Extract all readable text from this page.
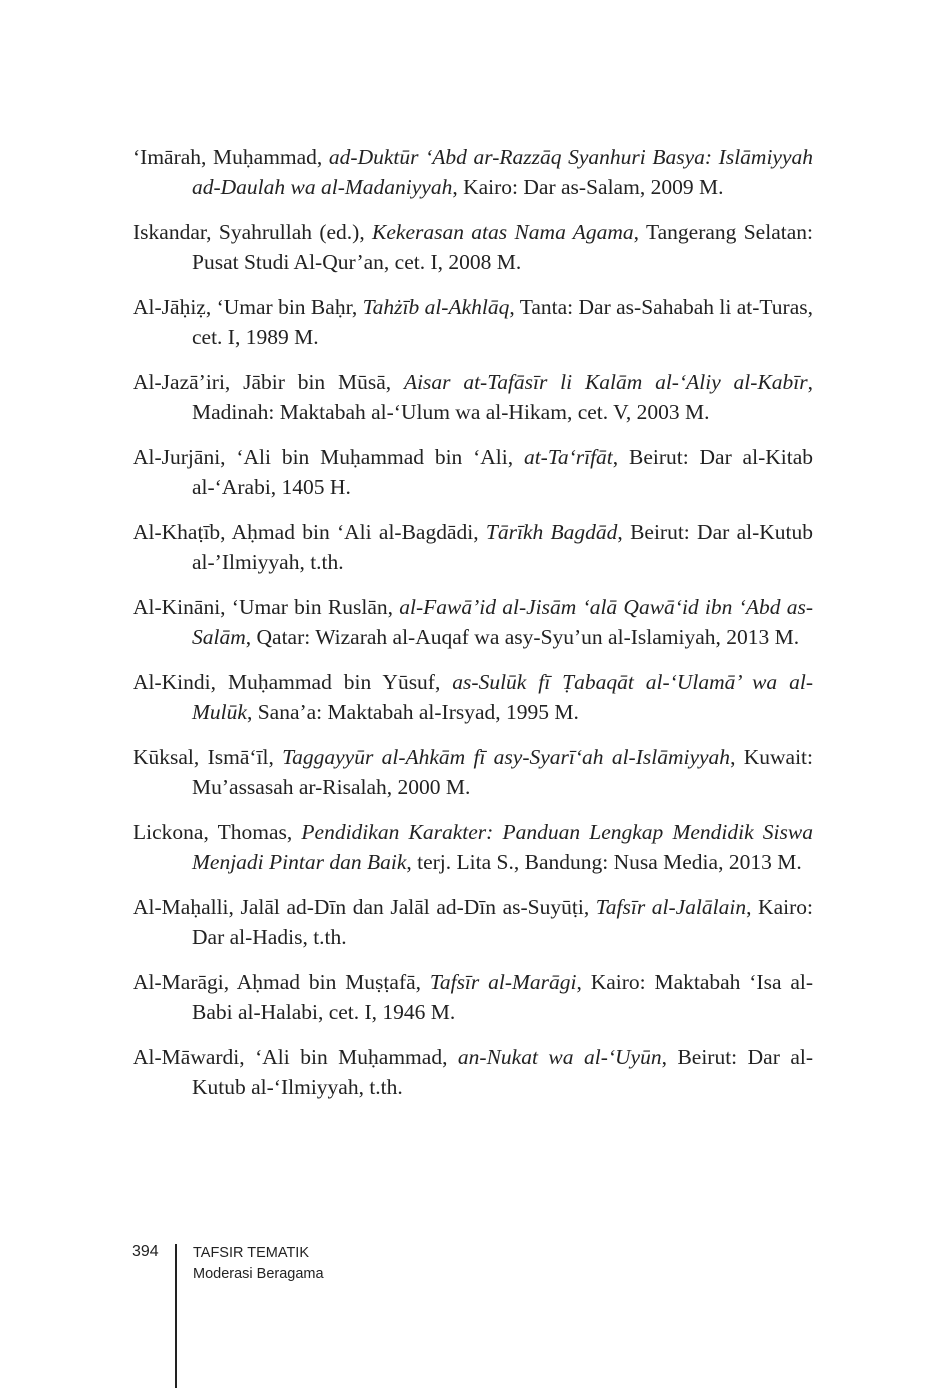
‘Imārah, Muḥammad, ad-Duktūr ‘Abd ar-Razzāq Syanhuri Basya: Islāmiyyah ad-Daulah wa al-Madaniyyah, Kairo: Dar as-Salam, 2009 M.

Iskandar, Syahrullah (ed.), Kekerasan atas Nama Agama, Tangerang Selatan: Pusat Studi Al-Qur’an, cet. I, 2008 M.

Al-Jāḥiẓ, ‘Umar bin Baḥr, Tahżīb al-Akhlāq, Tanta: Dar as-Sahabah li at-Turas, cet. I, 1989 M.

Al-Jazā’iri, Jābir bin Mūsā, Aisar at-Tafāsīr li Kalām al-‘Aliy al-Kabīr, Madinah: Maktabah al-‘Ulum wa al-Hikam, cet. V, 2003 M.

Al-Jurjāni, ‘Ali bin Muḥammad bin ‘Ali, at-Ta‘rīfāt, Beirut: Dar al-Kitab al-‘Arabi, 1405 H.

Al-Khaṭīb, Aḥmad bin ‘Ali al-Bagdādi, Tārīkh Bagdād, Beirut: Dar al-Kutub al-’Ilmiyyah, t.th.

Al-Kināni, ‘Umar bin Ruslān, al-Fawā’id al-Jisām ‘alā Qawā‘id ibn ‘Abd as-Salām, Qatar: Wizarah al-Auqaf wa asy-Syu’un al-Islamiyah, 2013 M.

Al-Kindi, Muḥammad bin Yūsuf, as-Sulūk fī Ṭabaqāt al-‘Ulamā’ wa al-Mulūk, Sana’a: Maktabah al-Irsyad, 1995 M.

Kūksal, Ismā‘īl, Taggayyūr al-Ahkām fī asy-Syarī‘ah al-Islāmiyyah, Kuwait: Mu’assasah ar-Risalah, 2000 M.

Lickona, Thomas, Pendidikan Karakter: Panduan Lengkap Mendidik Siswa Menjadi Pintar dan Baik, terj. Lita S., Bandung: Nusa Media, 2013 M.

Al-Maḥalli, Jalāl ad-Dīn dan Jalāl ad-Dīn as-Suyūṭi, Tafsīr al-Jalālain, Kairo: Dar al-Hadis, t.th.

Al-Marāgi, Aḥmad bin Muṣṭafā, Tafsīr al-Marāgi, Kairo: Maktabah ‘Isa al-Babi al-Halabi, cet. I, 1946 M.

Al-Māwardi, ‘Ali bin Muḥammad, an-Nukat wa al-‘Uyūn, Beirut: Dar al-Kutub al-‘Ilmiyyah, t.th.

394 TAFSIR TEMATIK
Moderasi Beragama
